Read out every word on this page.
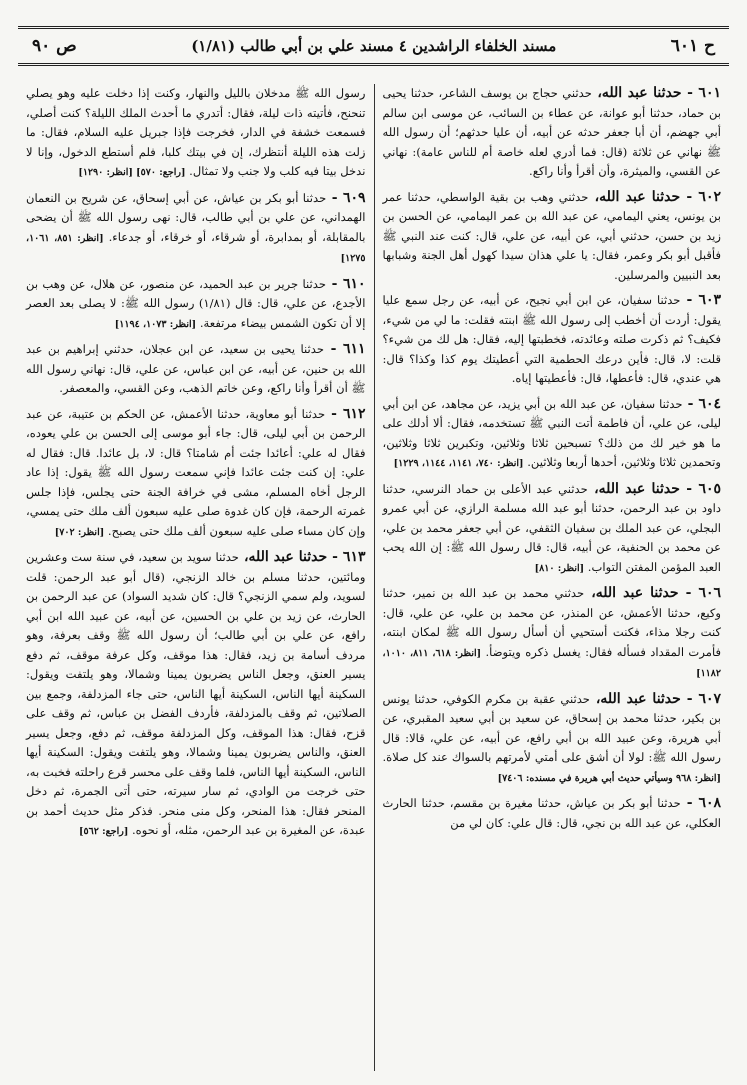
ح ٦٠١
مسند الخلفاء الراشدين ٤ مسند علي بن أبي طالب (١/٨١)
ص ٩٠

٦٠١ - حدثنا عبد الله، حدثني حجاج بن يوسف الشاعر، حدثنا يحيى بن حماد، حدثنا أبو عوانة، عن عطاء بن السائب، عن موسى ابن سالم أبي جهضم، أن أبا جعفر حدثه عن أبيه، أن عليا حدثهم؛ أن رسول الله ﷺ نهاني عن ثلاثة (قال: فما أدري لعله خاصة أم للناس عامة): نهاني عن القسي، والميثرة، وأن أقرأ وأنا راكع.

٦٠٢ - حدثنا عبد الله، حدثني وهب بن بقية الواسطي، حدثنا عمر بن يونس، يعني اليمامي، عن عبد الله بن عمر اليمامي، عن الحسن بن زيد بن حسن، حدثني أبي، عن أبيه، عن علي، قال: كنت عند النبي ﷺ فأقبل أبو بكر وعمر، فقال: يا علي هذان سيدا كهول أهل الجنة وشبابها بعد النبيين والمرسلين.

٦٠٣ - حدثنا سفيان، عن ابن أبي نجيح، عن أبيه، عن رجل سمع عليا يقول: أردت أن أخطب إلى رسول الله ﷺ ابنته فقلت: ما لي من شيء، فكيف؟ ثم ذكرت صلته وعائدته، فخطبتها إليه، فقال: هل لك من شيء؟ قلت: لا، قال: فأين درعك الحطمية التي أعطيتك يوم كذا وكذا؟ قال: هي عندي، قال: فأعطها، قال: فأعطيتها إياه.

٦٠٤ - حدثنا سفيان، عن عبد الله بن أبي يزيد، عن مجاهد، عن ابن أبي ليلى، عن علي، أن فاطمة أتت النبي ﷺ تستخدمه، فقال: ألا أدلك على ما هو خير لك من ذلك؟ تسبحين ثلاثا وثلاثين، وتكبرين ثلاثا وثلاثين، وتحمدين ثلاثا وثلاثين، أحدها أربعا وثلاثين. [انظر: ٧٤٠، ١١٤١، ١١٤٤، ١٢٢٩]

٦٠٥ - حدثنا عبد الله، حدثني عبد الأعلى بن حماد النرسي، حدثنا داود بن عبد الرحمن، حدثنا أبو عبد الله مسلمة الرازي، عن أبي عمرو البجلي، عن عبد الملك بن سفيان الثقفي، عن أبي جعفر محمد بن علي، عن محمد بن الحنفية، عن أبيه، قال: قال رسول الله ﷺ: إن الله يحب العبد المؤمن المفتن التواب. [انظر: ٨١٠]

٦٠٦ - حدثنا عبد الله، حدثني محمد بن عبد الله بن نمير، حدثنا وكيع، حدثنا الأعمش، عن المنذر، عن محمد بن علي، عن علي، قال: كنت رجلا مذاء، فكنت أستحيي أن أسأل رسول الله ﷺ لمكان ابنته، فأمرت المقداد فسأله فقال: يغسل ذكره ويتوضأ. [انظر: ٦١٨، ٨١١، ١٠١٠، ١١٨٢]

٦٠٧ - حدثنا عبد الله، حدثني عقبة بن مكرم الكوفي، حدثنا يونس بن بكير، حدثنا محمد بن إسحاق، عن سعيد بن أبي سعيد المقبري، عن أبي هريرة، وعن عبيد الله بن أبي رافع، عن أبيه، عن علي، قالا: قال رسول الله ﷺ: لولا أن أشق على أمتي لأمرتهم بالسواك عند كل صلاة. [انظر: ٩٦٨ وسيأتي حديث أبي هريرة في مسنده: ٧٤٠٦]

٦٠٨ - حدثنا أبو بكر بن عياش، حدثنا مغيرة بن مقسم، حدثنا الحارث العكلي، عن عبد الله بن نجي، قال: قال علي: كان لي من

رسول الله ﷺ مدخلان بالليل والنهار، وكنت إذا دخلت عليه وهو يصلي تنحنح، فأتيته ذات ليلة، فقال: أتدري ما أحدث الملك الليلة؟ كنت أصلي، فسمعت خشفة في الدار، فخرجت فإذا جبريل عليه السلام، فقال: ما زلت هذه الليلة أنتظرك، إن في بيتك كلبا، فلم أستطع الدخول، وإنا لا ندخل بيتا فيه كلب ولا جنب ولا تمثال. [راجع: ٥٧٠] [انظر: ١٢٩٠]

٦٠٩ - حدثنا أبو بكر بن عياش، عن أبي إسحاق، عن شريح بن النعمان الهمداني، عن علي بن أبي طالب، قال: نهى رسول الله ﷺ أن يضحى بالمقابلة، أو بمدابرة، أو شرقاء، أو خرقاء، أو جدعاء. [انظر: ٨٥١، ١٠٦١، ١٢٧٥]

٦١٠ - حدثنا جرير بن عبد الحميد، عن منصور، عن هلال، عن وهب بن الأجدع، عن علي، قال: قال (١/٨١) رسول الله ﷺ: لا يصلى بعد العصر إلا أن تكون الشمس بيضاء مرتفعة. [انظر: ١٠٧٣، ١١٩٤]

٦١١ - حدثنا يحيى بن سعيد، عن ابن عجلان، حدثني إبراهيم بن عبد الله بن حنين، عن أبيه، عن ابن عباس، عن علي، قال: نهاني رسول الله ﷺ أن أقرأ وأنا راكع، وعن خاتم الذهب، وعن القسي، والمعصفر.

٦١٢ - حدثنا أبو معاوية، حدثنا الأعمش، عن الحكم بن عتيبة، عن عبد الرحمن بن أبي ليلى، قال: جاء أبو موسى إلى الحسن بن علي يعوده، فقال له علي: أعائدا جئت أم شامتا؟ قال: لا، بل عائدا. قال: فقال له علي: إن كنت جئت عائدا فإني سمعت رسول الله ﷺ يقول: إذا عاد الرجل أخاه المسلم، مشى في خرافة الجنة حتى يجلس، فإذا جلس غمرته الرحمة، فإن كان غدوة صلى عليه سبعون ألف ملك حتى يمسي، وإن كان مساء صلى عليه سبعون ألف ملك حتى يصبح. [انظر: ٧٠٢]

٦١٣ - حدثنا عبد الله، حدثنا سويد بن سعيد، في سنة ست وعشرين ومائتين، حدثنا مسلم بن خالد الزنجي، (قال أبو عبد الرحمن: قلت لسويد، ولم سمي الزنجي؟ قال: كان شديد السواد) عن عبد الرحمن بن الحارث، عن زيد بن علي بن الحسين، عن أبيه، عن عبيد الله ابن أبي رافع، عن علي بن أبي طالب؛ أن رسول الله ﷺ وقف بعرفة، وهو مردف أسامة بن زيد، فقال: هذا موقف، وكل عرفة موقف، ثم دفع يسير العنق، وجعل الناس يضربون يمينا وشمالا، وهو يلتفت ويقول: السكينة أيها الناس، السكينة أيها الناس، حتى جاء المزدلفة، وجمع بين الصلاتين، ثم وقف بالمزدلفة، فأردف الفضل بن عباس، ثم وقف على قزح، فقال: هذا الموقف، وكل المزدلفة موقف، ثم دفع، وجعل يسير العنق، والناس يضربون يمينا وشمالا، وهو يلتفت ويقول: السكينة أيها الناس، السكينة أيها الناس، فلما وقف على محسر قرع راحلته فخبت به، حتى خرجت من الوادي، ثم سار سيرته، حتى أتى الجمرة، ثم دخل المنحر فقال: هذا المنحر، وكل منى منحر. فذكر مثل حديث أحمد بن عبدة، عن المغيرة بن عبد الرحمن، مثله، أو نحوه. [راجع: ٥٦٢]
